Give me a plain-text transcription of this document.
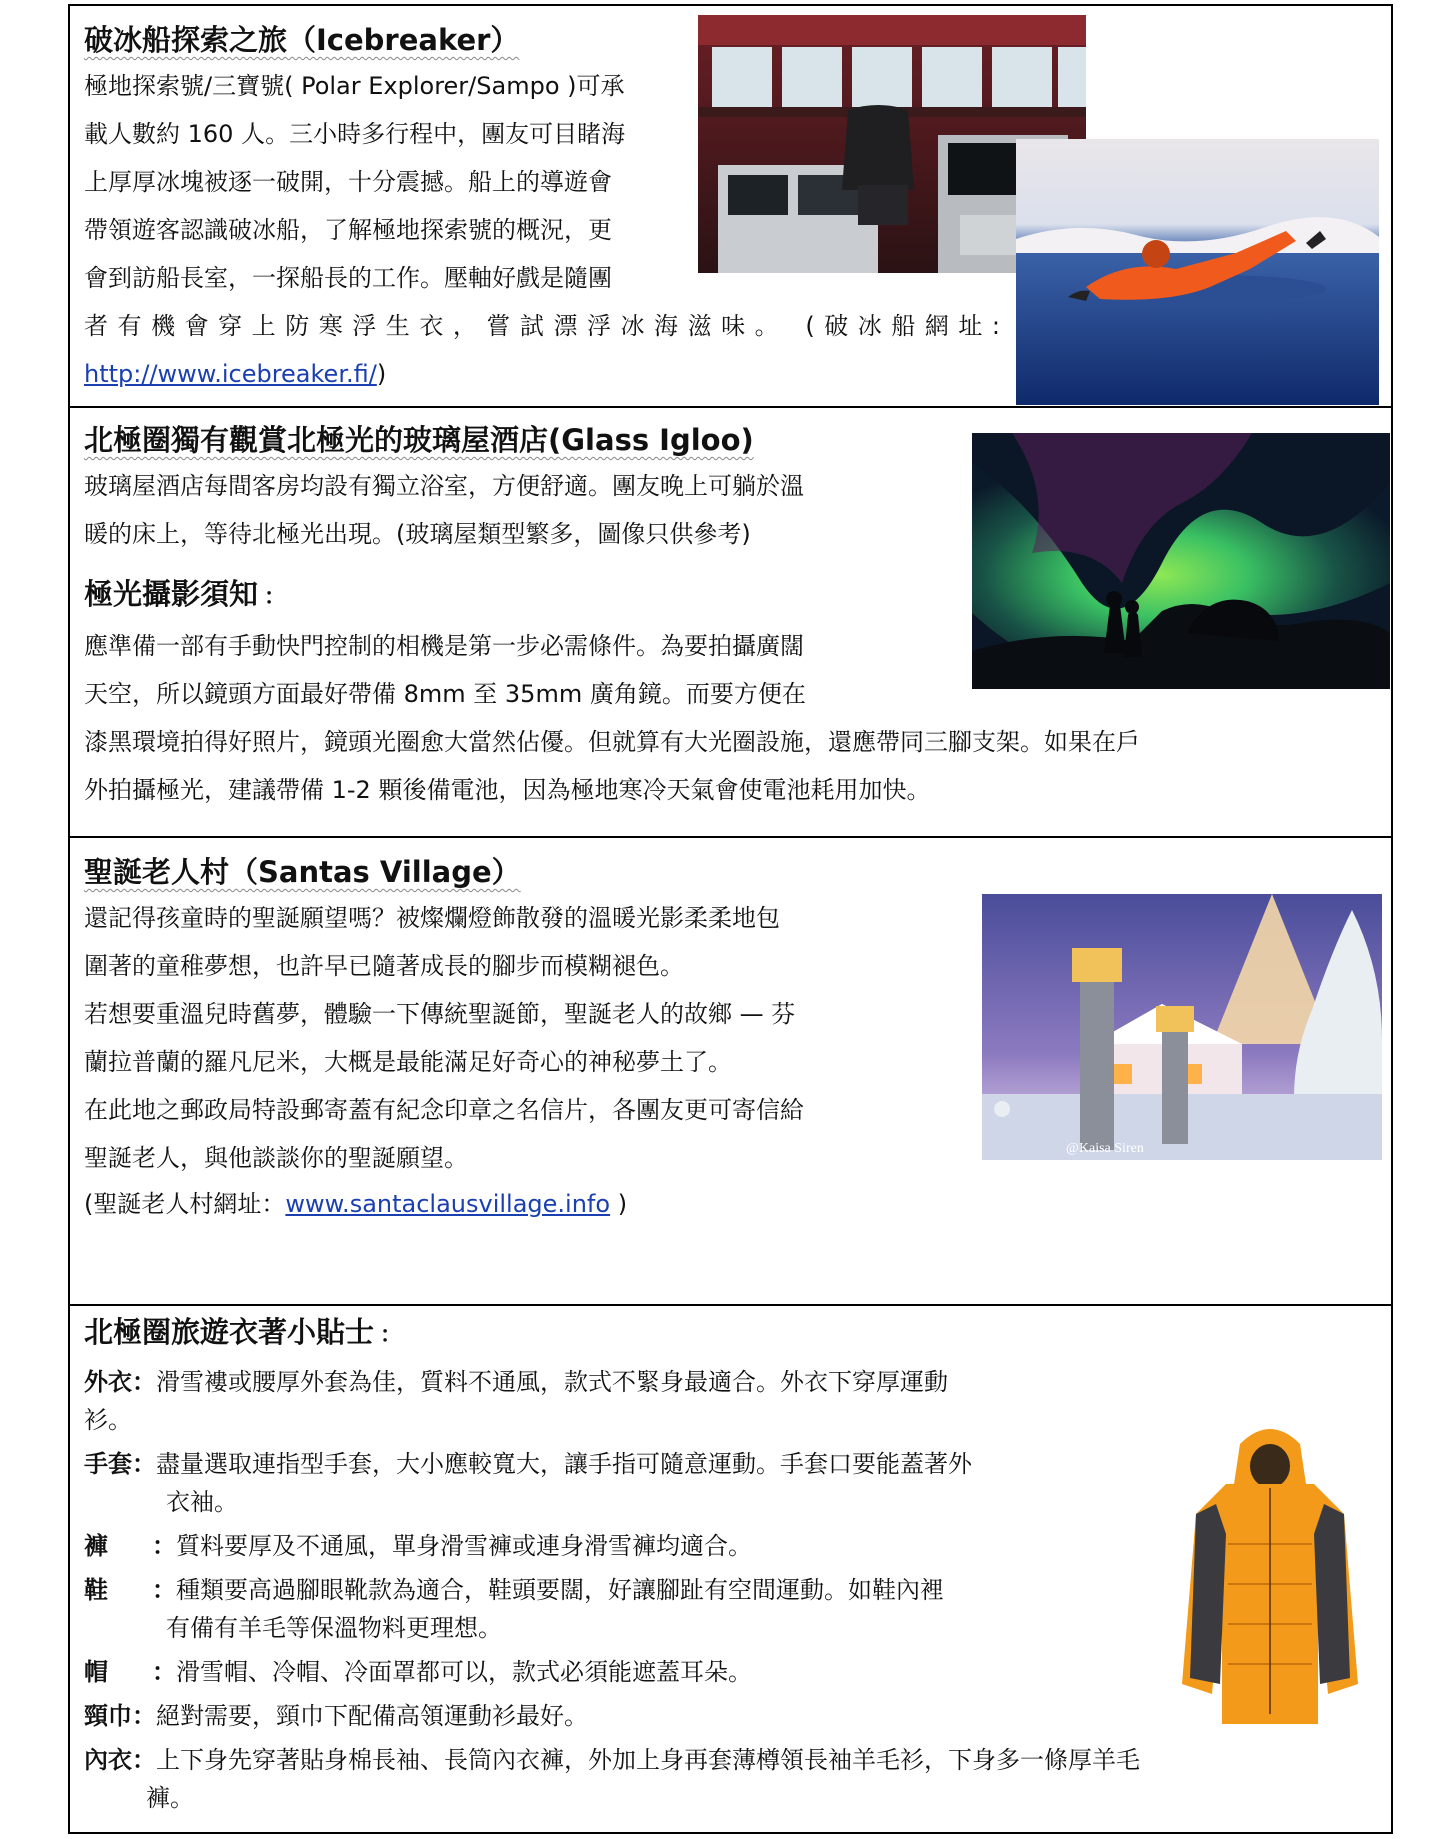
破冰船探索之旅（Icebreaker）
極地探索號/三寶號( Polar Explorer/Sampo )可承
載人數約 160 人。三小時多行程中，團友可目睹海
上厚厚冰塊被逐一破開，十分震撼。船上的導遊會
帶領遊客認識破冰船，了解極地探索號的概況，更
會到訪船長室，一探船長的工作。壓軸好戲是隨團
者有機會穿上防寒浮生衣，嘗試漂浮冰海滋味。 (破冰船網址:
http://www.icebreaker.fi/)
北極圈獨有觀賞北極光的玻璃屋酒店(Glass Igloo)
玻璃屋酒店每間客房均設有獨立浴室，方便舒適。團友晚上可躺於溫
暖的床上，等待北極光出現。(玻璃屋類型繁多，圖像只供參考)
極光攝影須知 ：
應準備一部有手動快門控制的相機是第一步必需條件。為要拍攝廣闊
天空，所以鏡頭方面最好帶備 8mm 至 35mm 廣角鏡。而要方便在
漆黑環境拍得好照片，鏡頭光圈愈大當然佔優。但就算有大光圈設施，還應帶同三腳支架。如果在戶
外拍攝極光，建議帶備 1-2 顆後備電池，因為極地寒冷天氣會使電池耗用加快。
聖誕老人村（Santas Village）
還記得孩童時的聖誕願望嗎？被燦爛燈飾散發的溫暖光影柔柔地包
圍著的童稚夢想，也許早已隨著成長的腳步而模糊褪色。
若想要重溫兒時舊夢，體驗一下傳統聖誕節，聖誕老人的故鄉 — 芬
蘭拉普蘭的羅凡尼米，大概是最能滿足好奇心的神秘夢土了。
在此地之郵政局特設郵寄蓋有紀念印章之名信片，各團友更可寄信給
聖誕老人，與他談談你的聖誕願望。
(聖誕老人村網址：www.santaclausvillage.info )
@Kaisa Siren
北極圈旅遊衣著小貼士 ：
外衣：滑雪褸或腰厚外套為佳，質料不通風，款式不緊身最適合。外衣下穿厚運動
衫。
手套：盡量選取連指型手套，大小應較寬大，讓手指可隨意運動。手套口要能蓋著外
衣袖。
褲 ：質料要厚及不通風，單身滑雪褲或連身滑雪褲均適合。
鞋 ：種類要高過腳眼靴款為適合，鞋頭要闊，好讓腳趾有空間運動。如鞋內裡
有備有羊毛等保溫物料更理想。
帽 ：滑雪帽、冷帽、冷面罩都可以，款式必須能遮蓋耳朵。
頸巾：絕對需要，頸巾下配備高領運動衫最好。
內衣：上下身先穿著貼身棉長袖、長筒內衣褲，外加上身再套薄樽領長袖羊毛衫，下身多一條厚羊毛
褲。
